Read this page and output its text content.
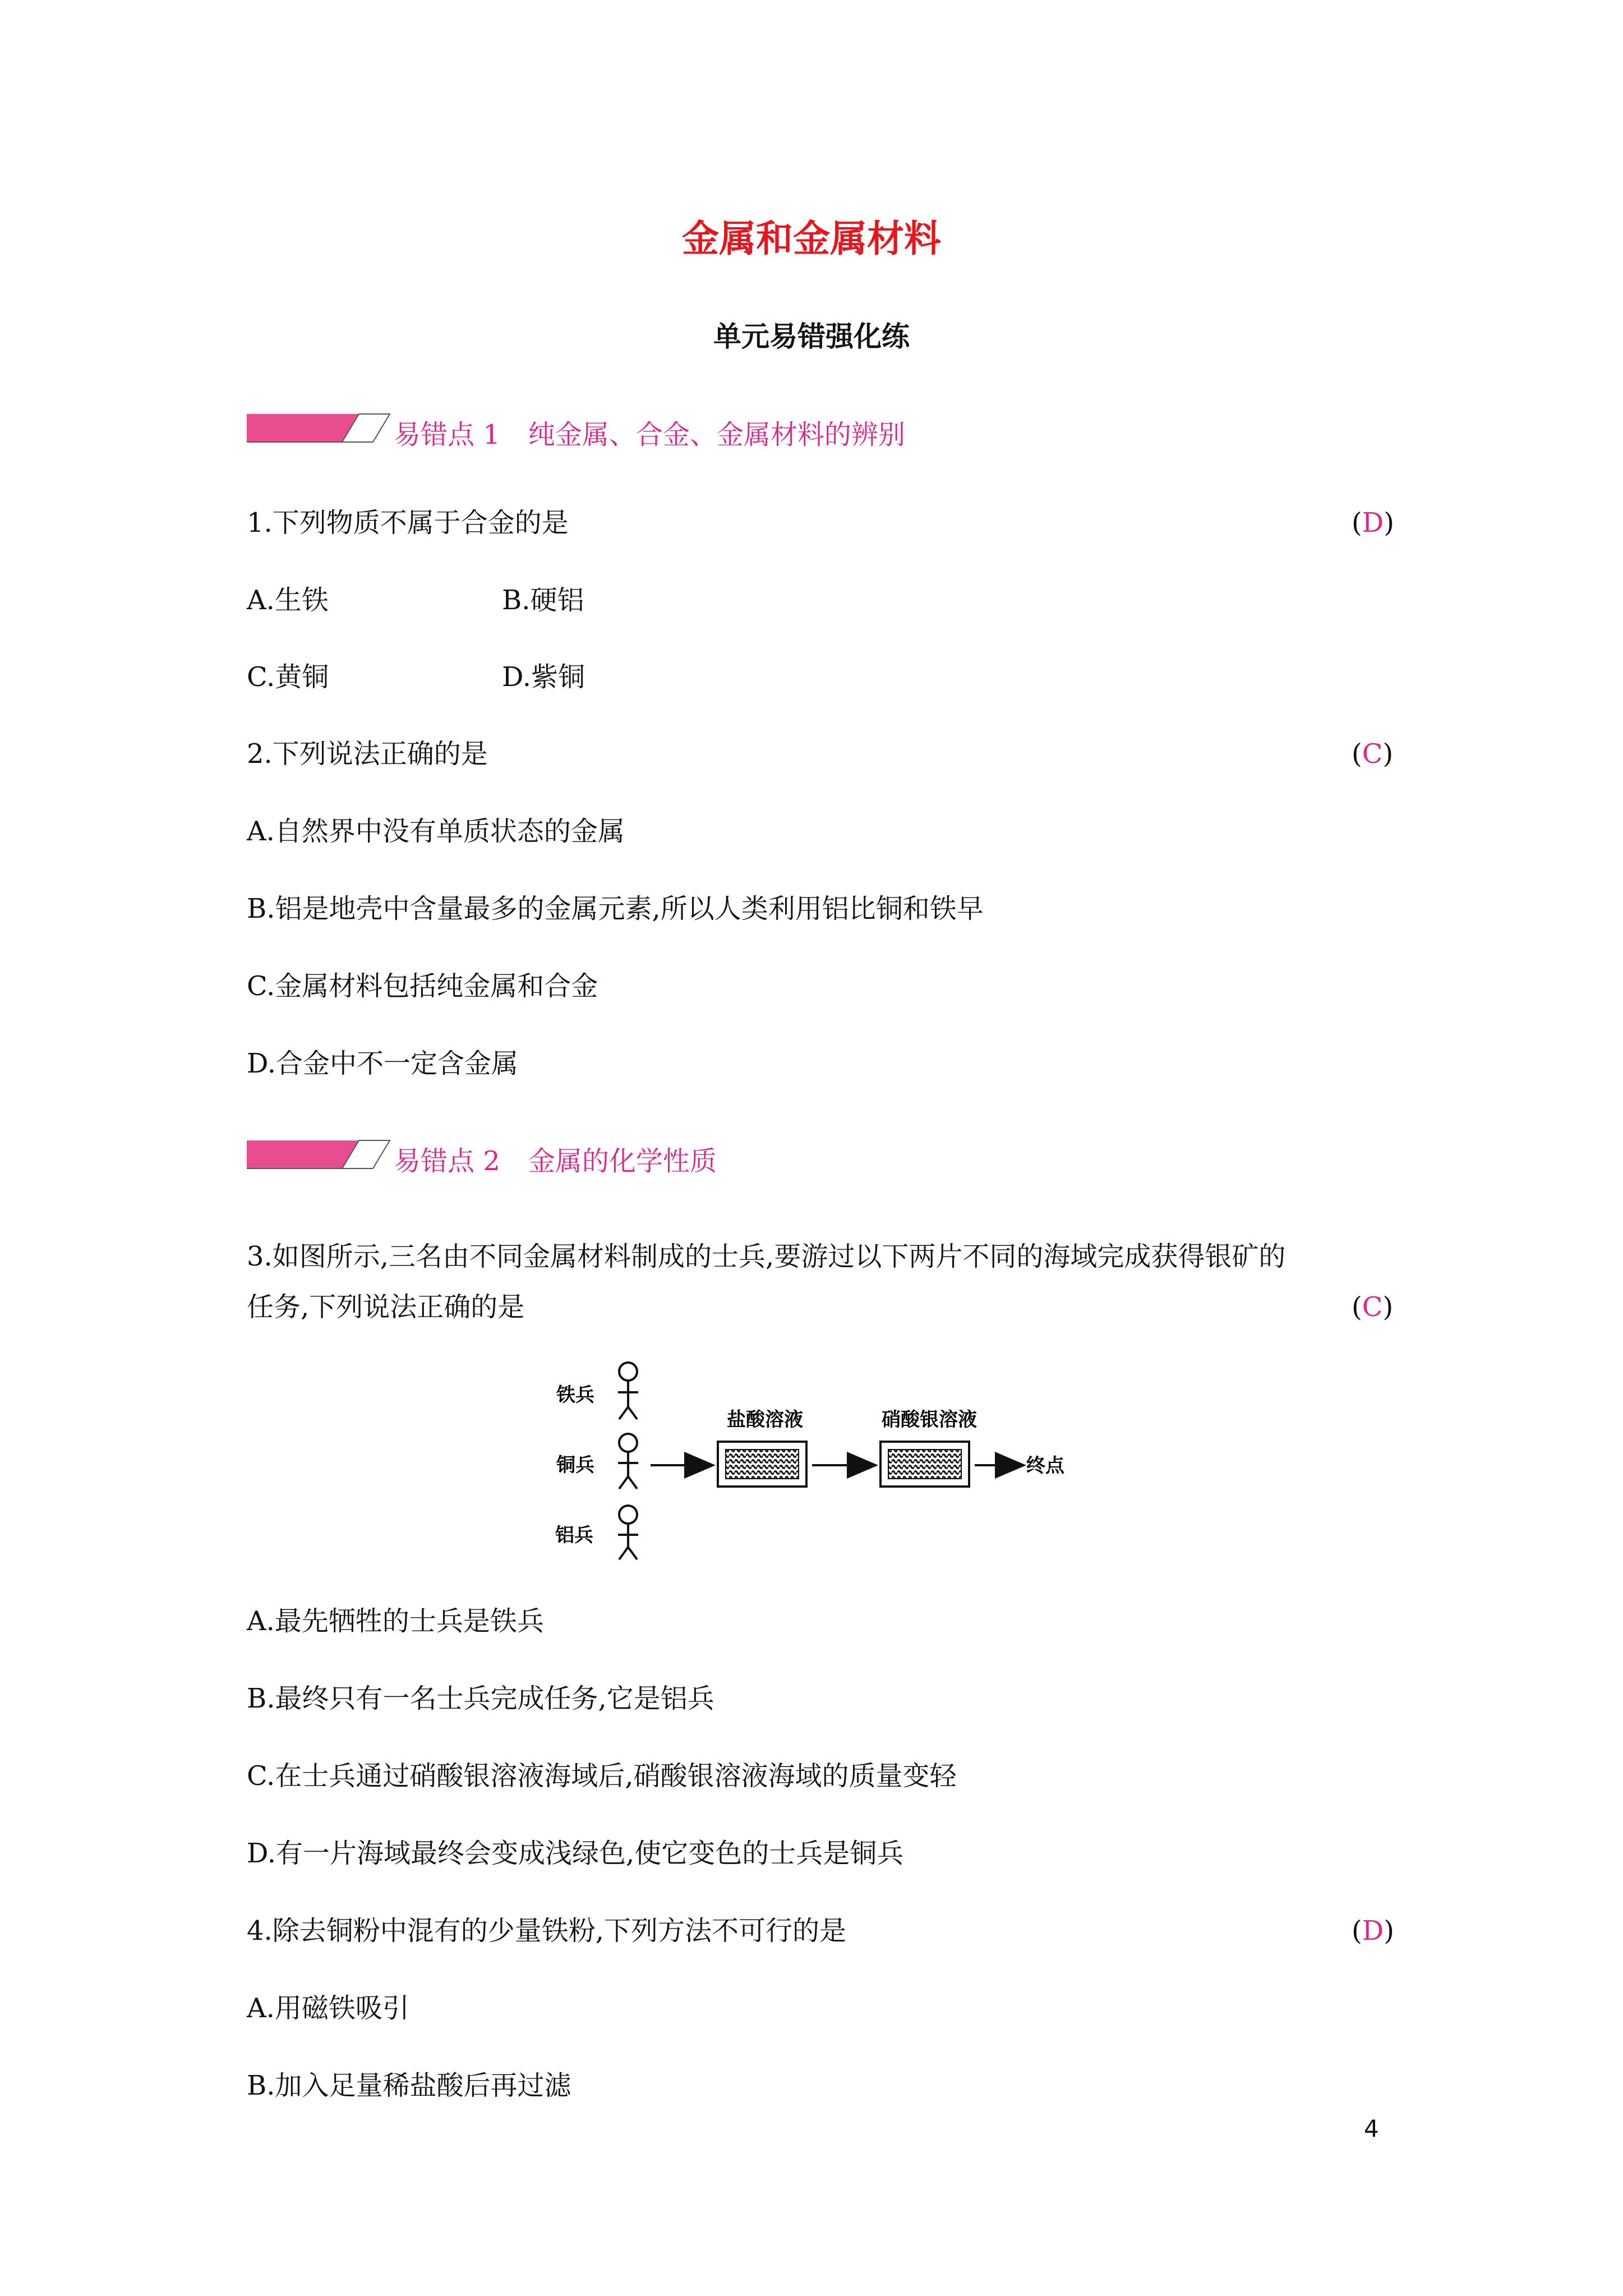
金属和金属材料
单元易错强化练
易错点 1 纯金属、合金、金属材料的辨别
1.下列物质不属于合金的是	(D)
A.生铁	B.硬铝
C.黄铜	D.紫铜
2.下列说法正确的是	(C)
A.自然界中没有单质状态的金属
B.铝是地壳中含量最多的金属元素,所以人类利用铝比铜和铁早
C.金属材料包括纯金属和合金
D.合金中不一定含金属
易错点 2 金属的化学性质
3.如图所示,三名由不同金属材料制成的士兵,要游过以下两片不同的海域完成获得银矿的
任务,下列说法正确的是	(C)
铁兵
铜兵
铝兵
盐酸溶液	硝酸银溶液
终点
A.最先牺牲的士兵是铁兵
B.最终只有一名士兵完成任务,它是铝兵
C.在士兵通过硝酸银溶液海域后,硝酸银溶液海域的质量变轻
D.有一片海域最终会变成浅绿色,使它变色的士兵是铜兵
4.除去铜粉中混有的少量铁粉,下列方法不可行的是	(D)
A.用磁铁吸引
B.加入足量稀盐酸后再过滤
4
